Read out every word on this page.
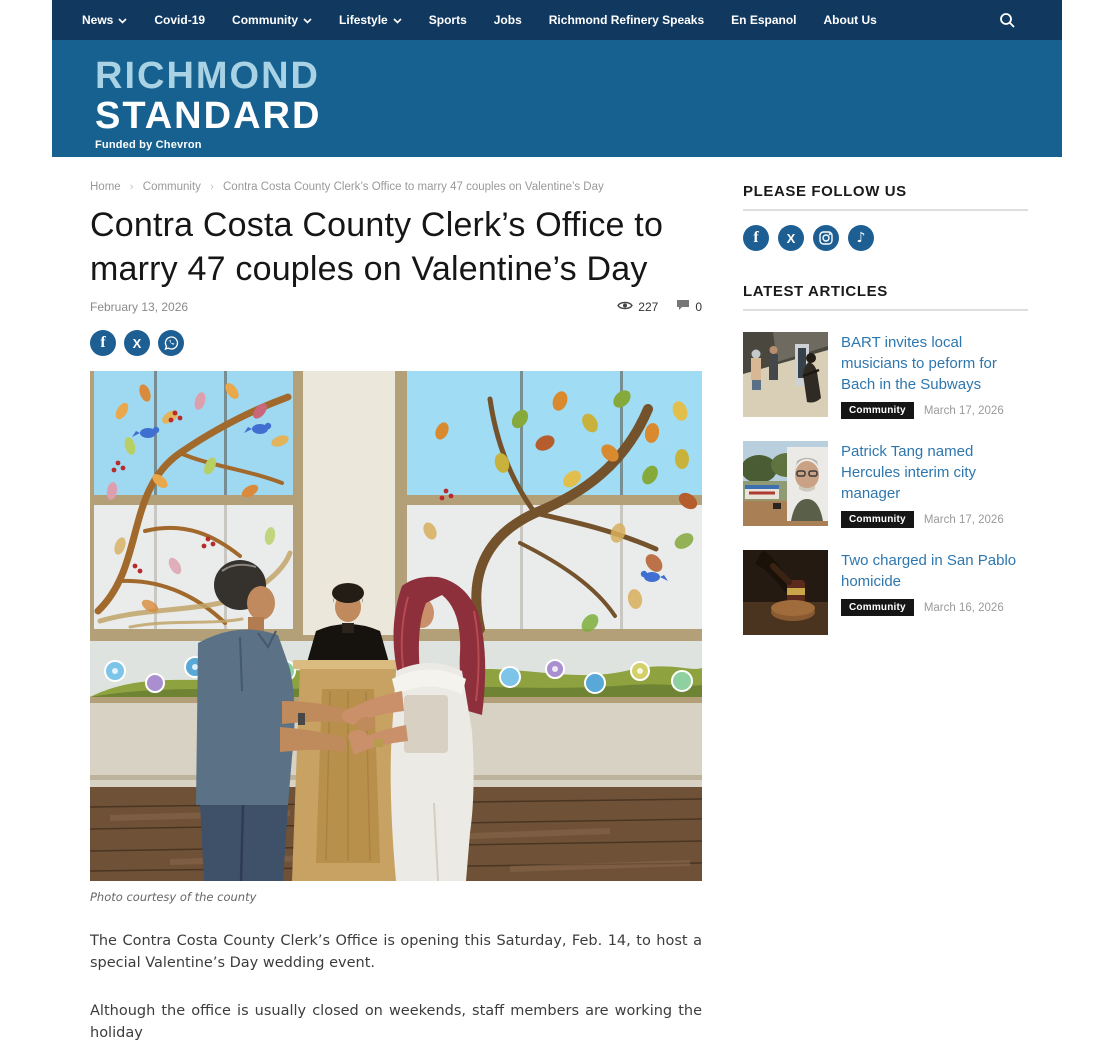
News	Covid-19 Community	Lifestyle	Sports Jobs Richmond Refinery Speaks En Espanol About Us
RICHMOND
STANDARD
Funded by Chevron
Home › Community › Contra Costa County Clerk’s Office to marry 47 couples on Valentine’s Day
Contra Costa County Clerk’s Office to marry 47 couples on Valentine’s Day
February 13, 2026	227	0
f X
Photo courtesy of the county

The Contra Costa County Clerk’s Office is opening this Saturday, Feb. 14, to host a special Valentine’s Day wedding event.

Although the office is usually closed on weekends, staff members are working the holiday

PLEASE FOLLOW US
f X	♪
LATEST ARTICLES
BART invites local musicians to peform for Bach in the Subways
Community	March 17, 2026
Patrick Tang named Hercules interim city manager
Community	March 17, 2026
Two charged in San Pablo homicide
Community	March 16, 2026
